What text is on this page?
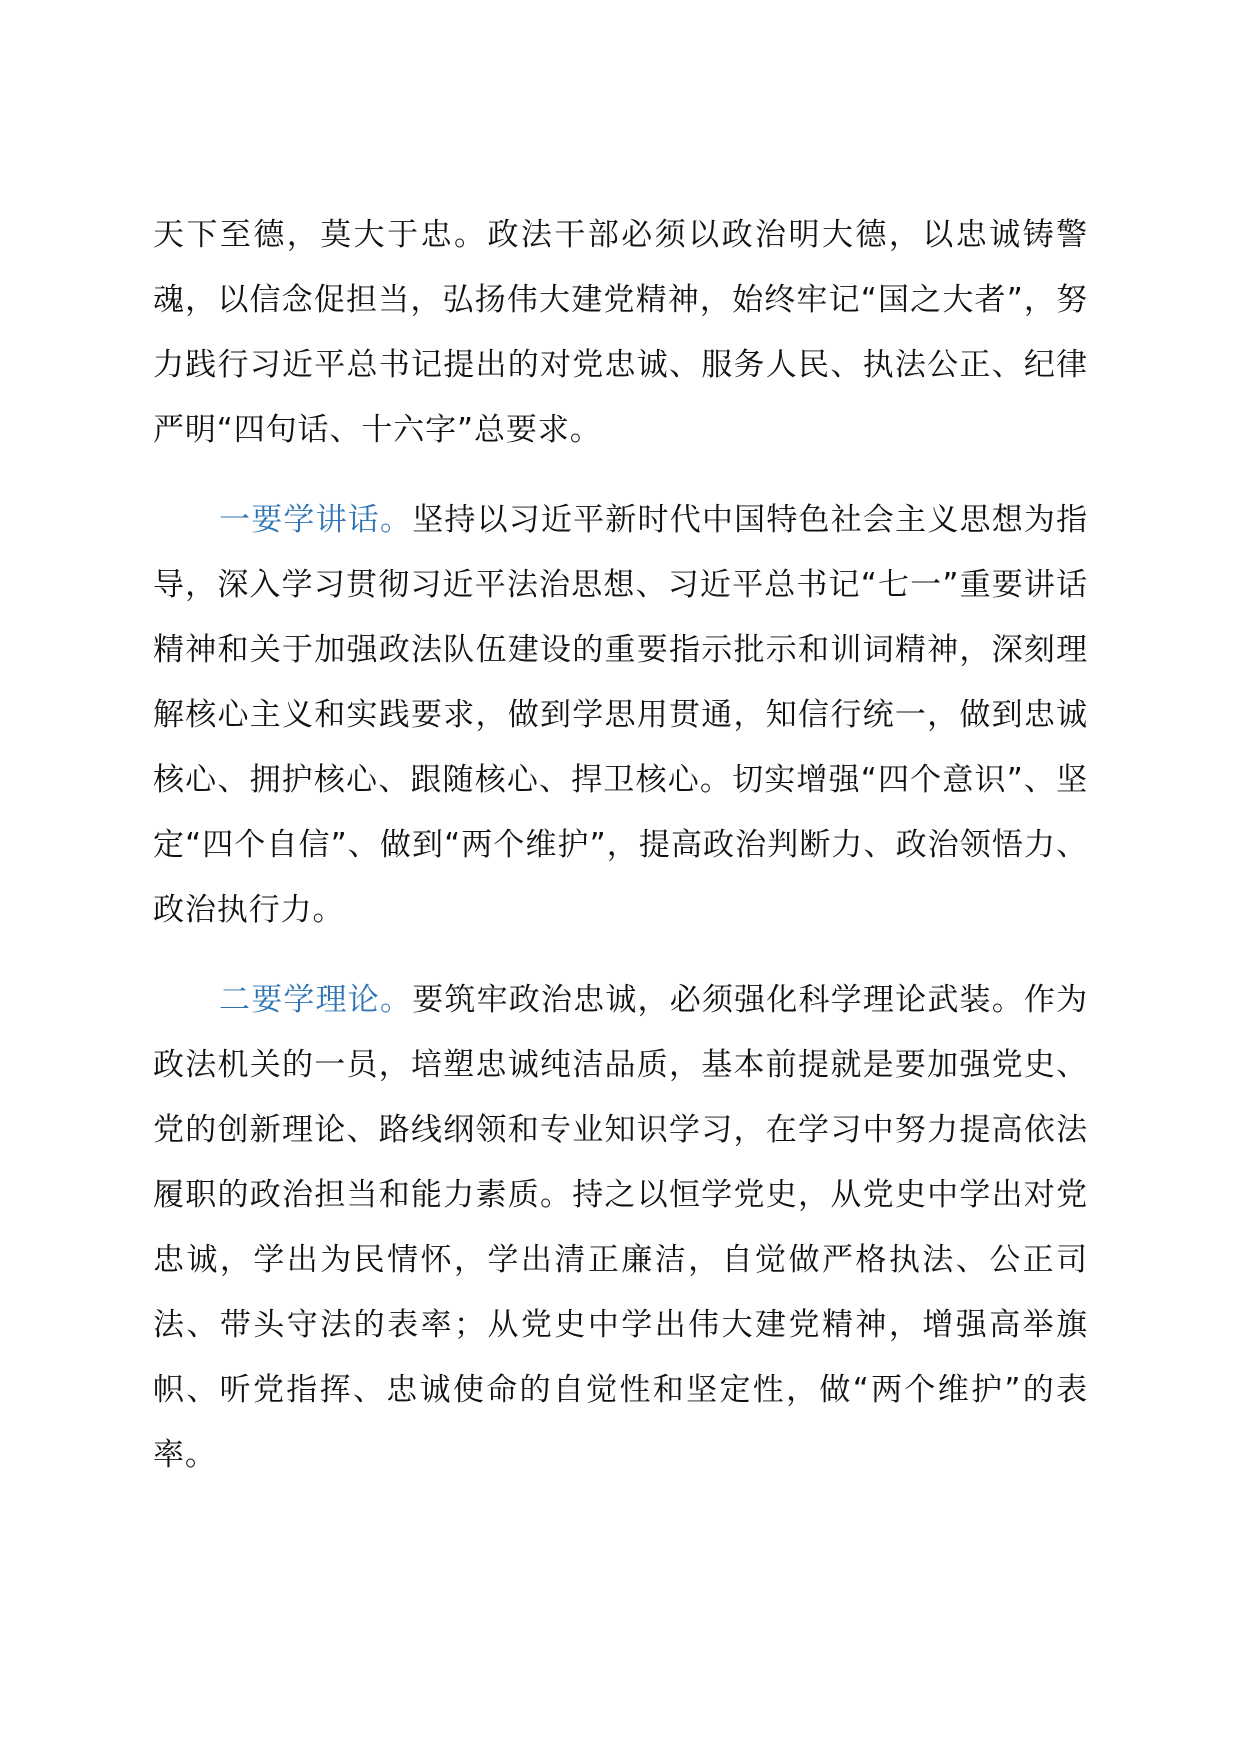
天下至德，莫大于忠。政法干部必须以政治明大德，以忠诚铸警魂，以信念促担当，弘扬伟大建党精神，始终牢记“国之大者”，努力践行习近平总书记提出的对党忠诚、服务人民、执法公正、纪律严明“四句话、十六字”总要求。

一要学讲话。坚持以习近平新时代中国特色社会主义思想为指导，深入学习贯彻习近平法治思想、习近平总书记“七一”重要讲话精神和关于加强政法队伍建设的重要指示批示和训词精神，深刻理解核心主义和实践要求，做到学思用贯通，知信行统一，做到忠诚核心、拥护核心、跟随核心、捍卫核心。切实增强“四个意识”、坚定“四个自信”、做到“两个维护”，提高政治判断力、政治领悟力、政治执行力。

二要学理论。要筑牢政治忠诚，必须强化科学理论武装。作为政法机关的一员，培塑忠诚纯洁品质，基本前提就是要加强党史、党的创新理论、路线纲领和专业知识学习，在学习中努力提高依法履职的政治担当和能力素质。持之以恒学党史，从党史中学出对党忠诚，学出为民情怀，学出清正廉洁，自觉做严格执法、公正司法、带头守法的表率；从党史中学出伟大建党精神，增强高举旗帜、听党指挥、忠诚使命的自觉性和坚定性，做“两个维护”的表率。
